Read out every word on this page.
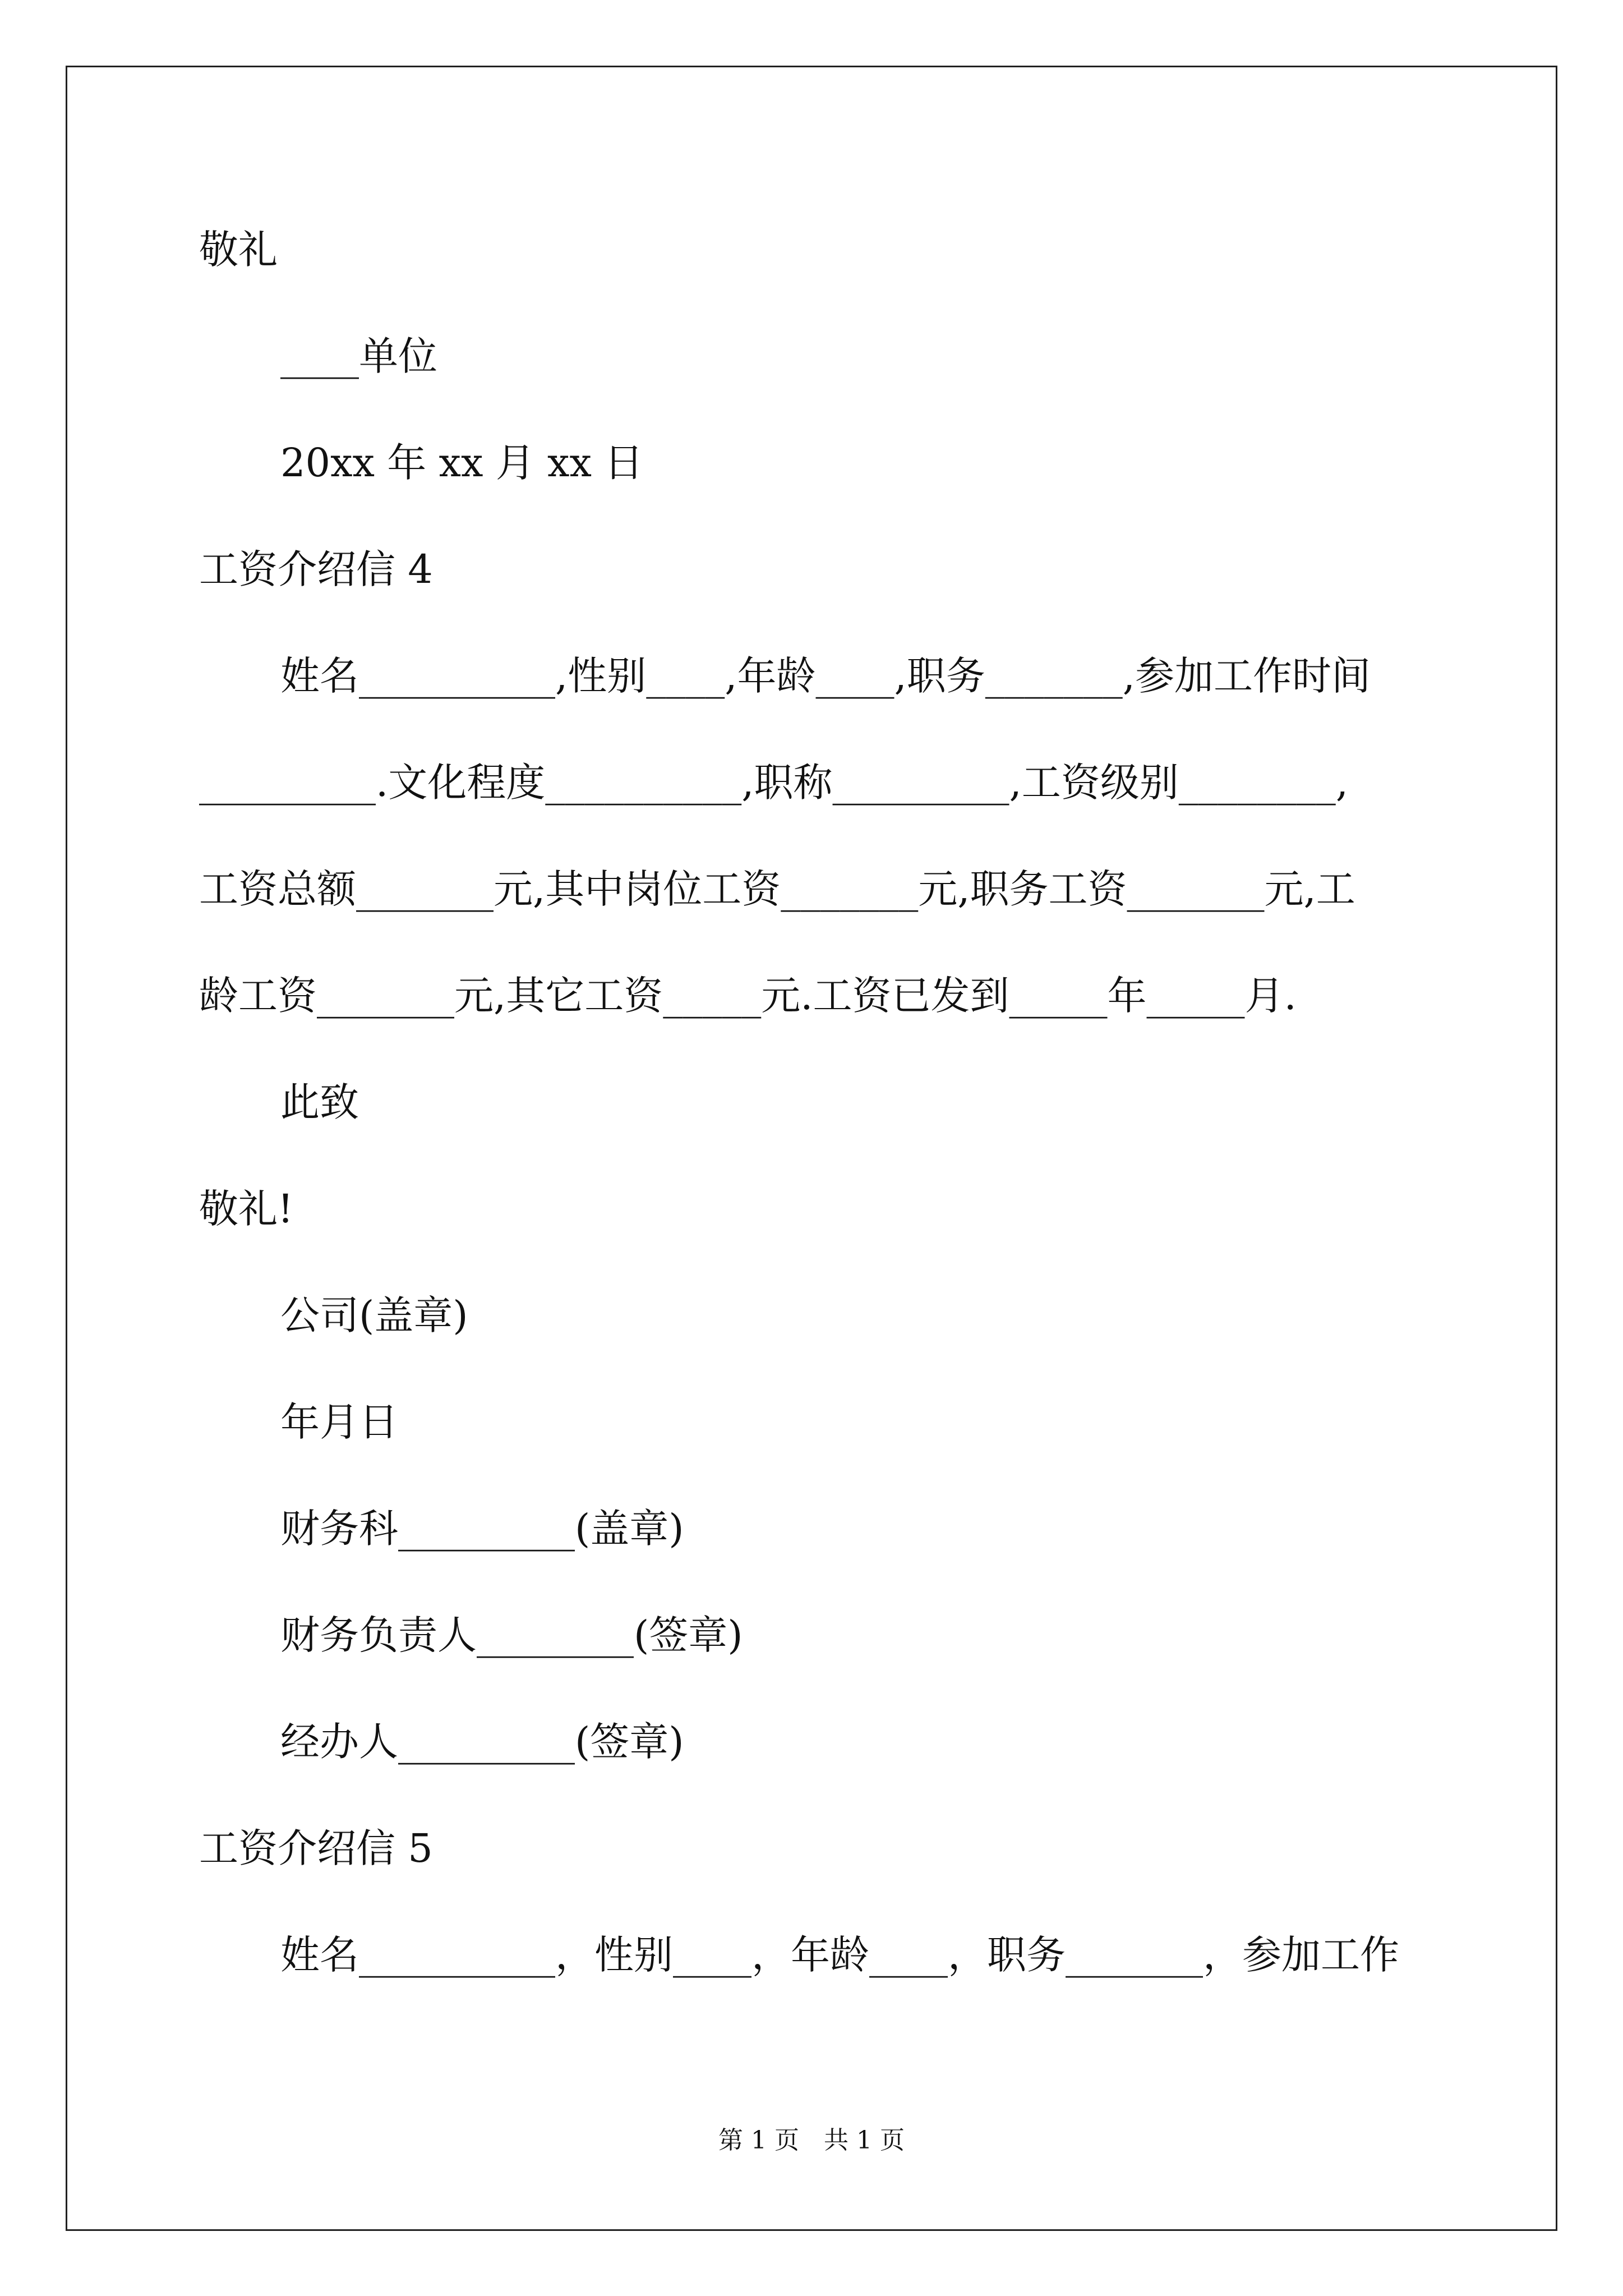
敬礼
____单位
20xx 年 xx 月 xx 日
工资介绍信 4
姓名__________,性别____,年龄____,职务_______,参加工作时间
_________.文化程度__________,职称_________,工资级别________,
工资总额_______元,其中岗位工资_______元,职务工资_______元,工
龄工资_______元,其它工资_____元.工资已发到_____年_____月.
此致
敬礼!
公司(盖章)
年月日
财务科_________(盖章)
财务负责人________(签章)
经办人_________(签章)
工资介绍信 5
姓名__________，性别____，年龄____，职务_______，参加工作
第 1 页　共 1 页
